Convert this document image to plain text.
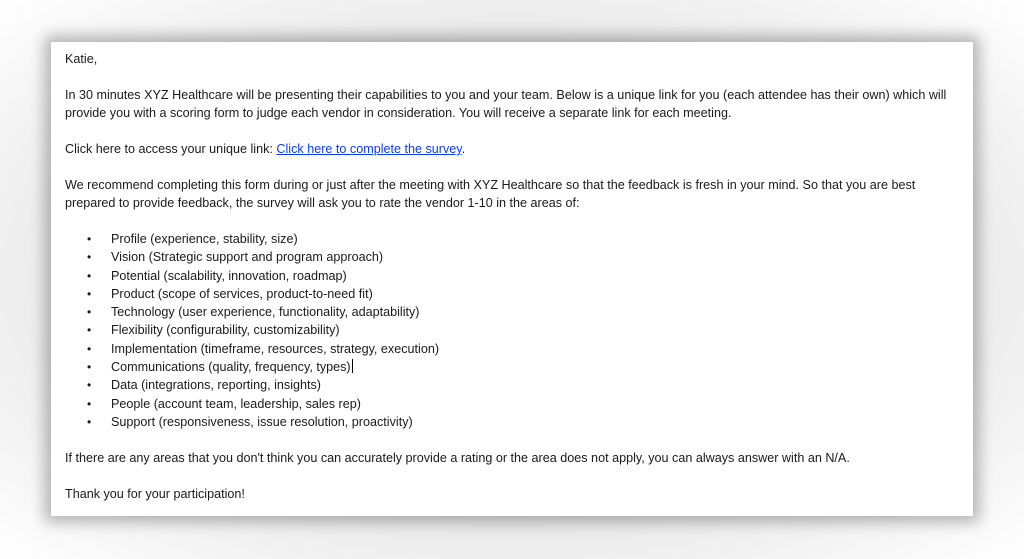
Katie,

In 30 minutes XYZ Healthcare will be presenting their capabilities to you and your team. Below is a unique link for you (each attendee has their own) which will provide you with a scoring form to judge each vendor in consideration. You will receive a separate link for each meeting.

Click here to access your unique link: Click here to complete the survey.

We recommend completing this form during or just after the meeting with XYZ Healthcare so that the feedback is fresh in your mind. So that you are best prepared to provide feedback, the survey will ask you to rate the vendor 1-10 in the areas of:

• Profile (experience, stability, size)
• Vision (Strategic support and program approach)
• Potential (scalability, innovation, roadmap)
• Product (scope of services, product-to-need fit)
• Technology (user experience, functionality, adaptability)
• Flexibility (configurability, customizability)
• Implementation (timeframe, resources, strategy, execution)
• Communications (quality, frequency, types)
• Data (integrations, reporting, insights)
• People (account team, leadership, sales rep)
• Support (responsiveness, issue resolution, proactivity)

If there are any areas that you don't think you can accurately provide a rating or the area does not apply, you can always answer with an N/A.

Thank you for your participation!
